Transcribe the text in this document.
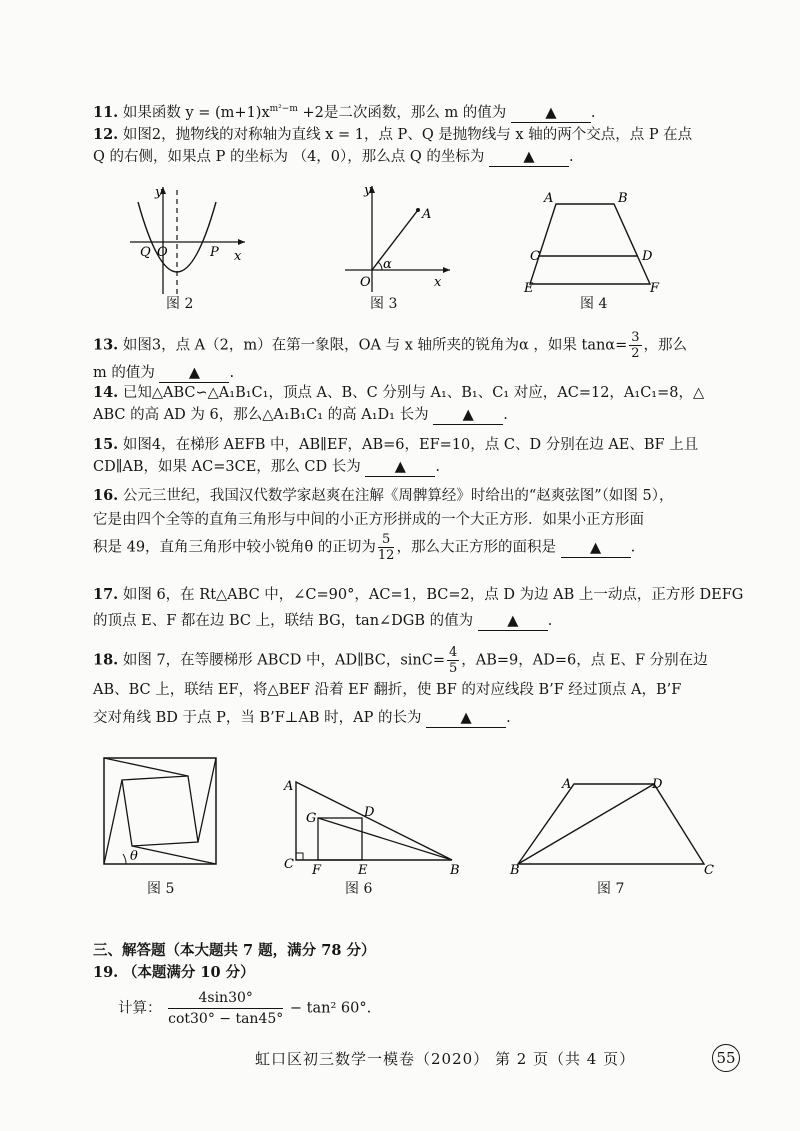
11. 如果函数 $y = (m+1)x^{m^2-m} +2$是二次函数，那么 m 的值为	▲ .
12. 如图2，抛物线的对称轴为直线 x = 1，点 P、Q 是抛物线与 x 轴的两个交点，点 P 在点
Q 的右侧，如果点 P 的坐标为 （4，0），那么点 Q 的坐标为	▲ .
y
Q O	P x
图 2
y
A
α
O	x
图 3
A	B
C	D
E	F
图 4
13. 如图3，点 A（2，m）在第一象限，OA 与 x 轴所夹的锐角为α ，如果 $\tan\alpha= \frac{3}{2}$ ，那么
m 的值为 ▲ .
14. 已知△ABC∽△A₁B₁C₁，顶点 A、B、C 分别与 A₁、B₁、C₁ 对应，AC=12，A₁C₁=8，△
ABC 的高 AD 为 6，那么△A₁B₁C₁ 的高 A₁D₁ 长为 ▲ .
15. 如图4，在梯形 AEFB 中，AB∥EF，AB=6，EF=10，点 C、D 分别在边 AE、BF 上且
CD∥AB，如果 AC=3CE，那么 CD 长为 ▲ .
16. 公元三世纪，我国汉代数学家赵爽在注解《周髀算经》时给出的“赵爽弦图”（如图 5），
它是由四个全等的直角三角形与中间的小正方形拼成的一个大正方形．如果小正方形面
积是 49，直角三角形中较小锐角θ 的正切为 $\frac{5}{12}$ ，那么大正方形的面积是 ▲ .
17. 如图 6，在 Rt△ABC 中，∠C=90°，AC=1，BC=2，点 D 为边 AB 上一动点，正方形 DEFG
的顶点 E、F 都在边 BC 上，联结 BG，tan∠DGB 的值为 ▲ .
18. 如图 7，在等腰梯形 ABCD 中，AD∥BC，$\sin C= \frac{4}{5}$ ，AB=9，AD=6，点 E、F 分别在边
AB、BC 上，联结 EF，将△BEF 沿着 EF 翻折，使 BF 的对应线段 B’F 经过顶点 A，B’F
交对角线 BD 于点 P，当 B’F⊥AB 时，AP 的长为	▲ .
θ
图 5
A
G	D
C F	E	B
图 6
A	D
B	C
图 7
三、解答题（本大题共 7 题，满分 78 分）
19. （本题满分 10 分）
计算： $\frac{4\sin 30^\circ}{\cot 30^\circ - \tan 45^\circ} - \tan^2$ 60°.
虹口区初三数学一模卷（2020） 第 2 页（共 4 页）	55
